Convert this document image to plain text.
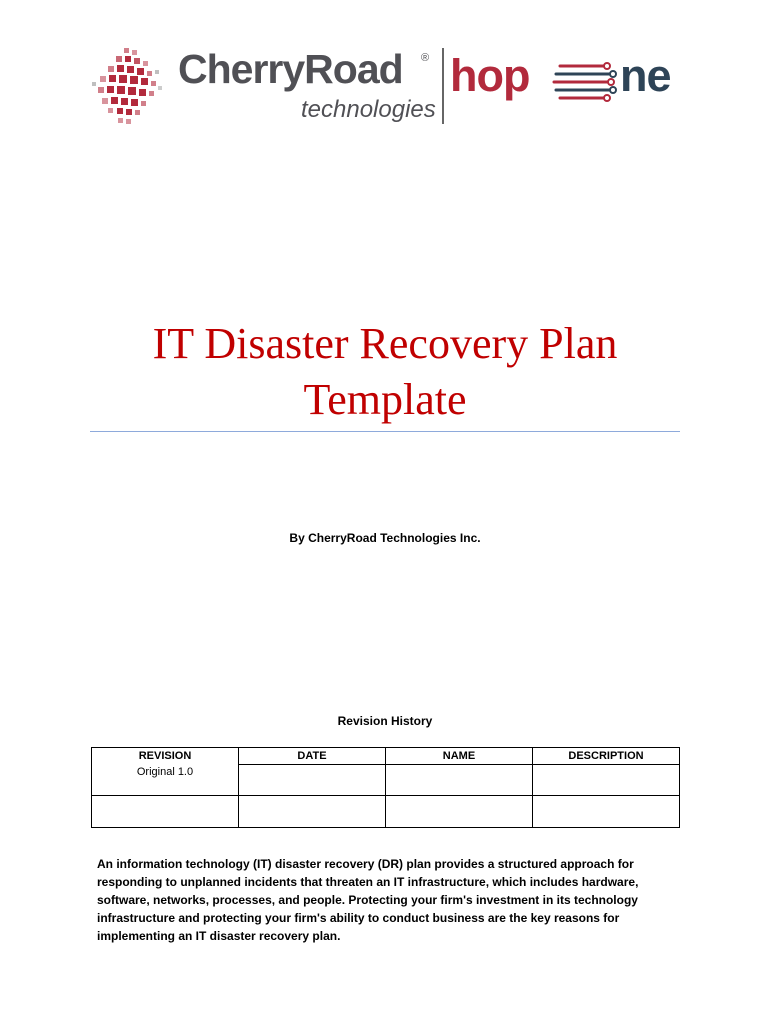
CherryRoad ®
technologies
hop ne
IT Disaster Recovery Plan
Template
By CherryRoad Technologies Inc.
Revision History
REVISION	DATE	NAME	DESCRIPTION
Original 1.0			

An information technology (IT) disaster recovery (DR) plan provides a structured approach for responding to unplanned incidents that threaten an IT infrastructure, which includes hardware, software, networks, processes, and people. Protecting your firm's investment in its technology infrastructure and protecting your firm's ability to conduct business are the key reasons for implementing an IT disaster recovery plan.
